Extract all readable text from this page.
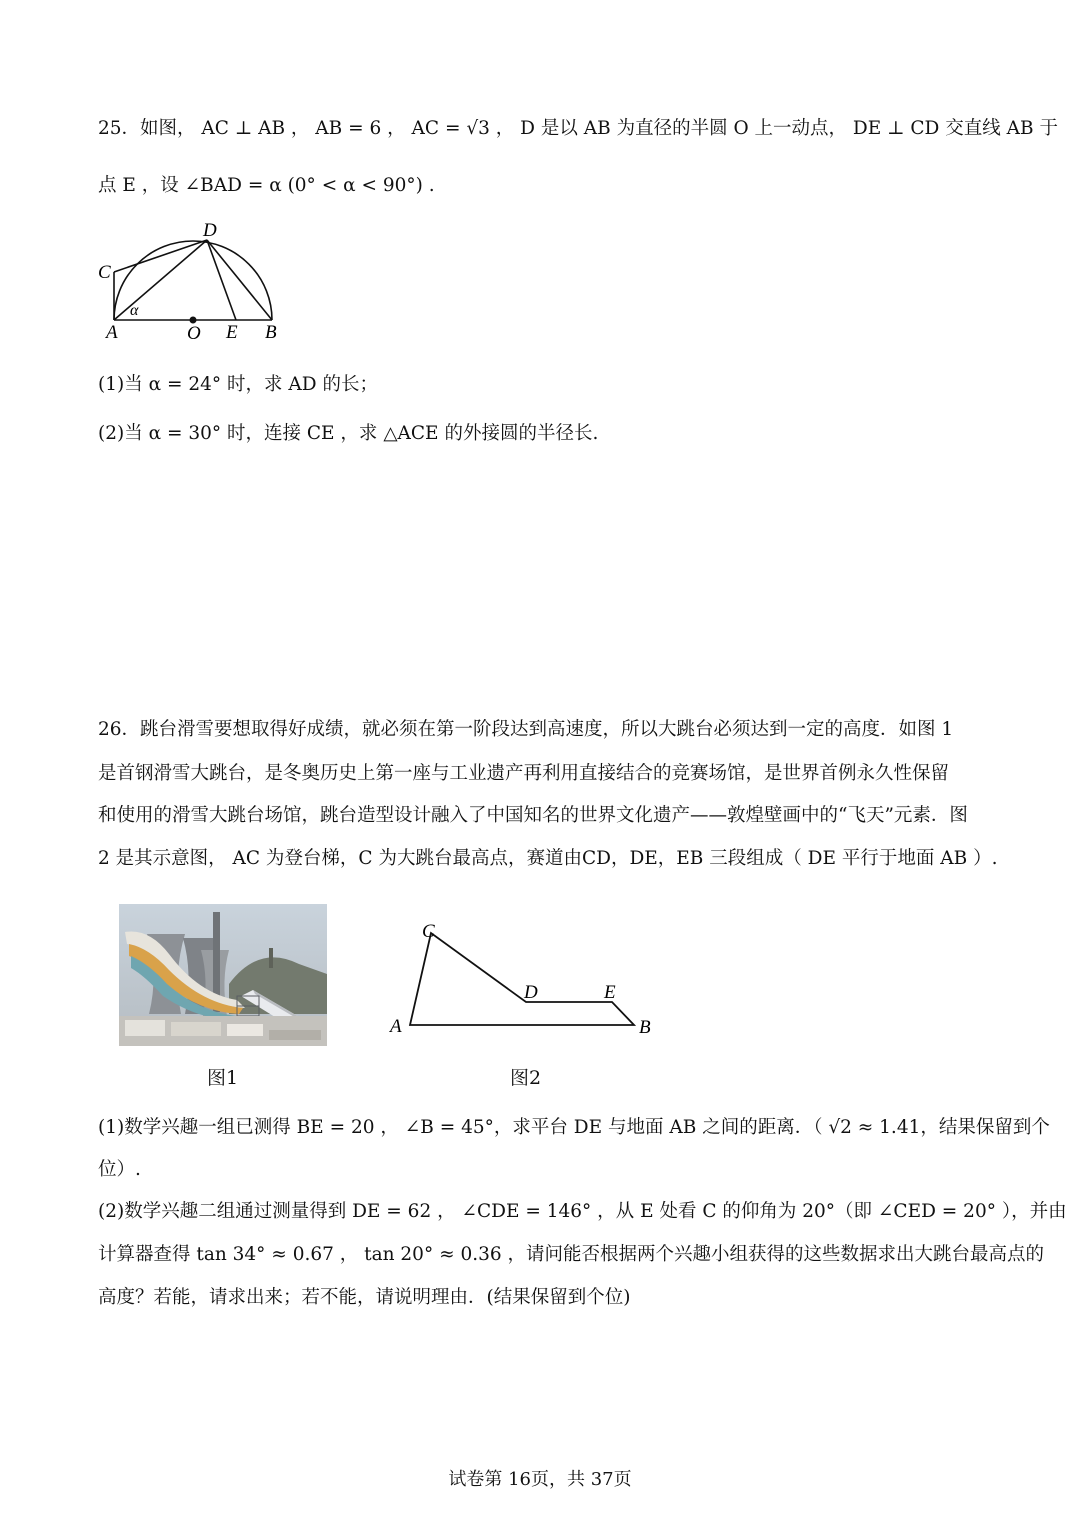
25．如图， AC ⊥ AB ， AB = 6 ， AC = √3 ， D 是以 AB 为直径的半圆 O 上一动点， DE ⊥ CD 交直线 AB 于
点 E ，设 ∠BAD = α (0° < α < 90°) .
C
D
A	O E B
α
(1)当 α = 24° 时，求 AD 的长；
(2)当 α = 30° 时，连接 CE ，求 △ACE 的外接圆的半径长.
26．跳台滑雪要想取得好成绩，就必须在第一阶段达到高速度，所以大跳台必须达到一定的高度．如图 1
是首钢滑雪大跳台，是冬奥历史上第一座与工业遗产再利用直接结合的竞赛场馆，是世界首例永久性保留
和使用的滑雪大跳台场馆，跳台造型设计融入了中国知名的世界文化遗产——敦煌壁画中的“飞天”元素．图
2 是其示意图， AC 为登台梯，C 为大跳台最高点，赛道由CD，DE，EB 三段组成（ DE 平行于地面 AB ）.
图1
C
D	E
A	B
图2
(1)数学兴趣一组已测得 BE = 20 ， ∠B = 45°，求平台 DE 与地面 AB 之间的距离．（ √2 ≈ 1.41，结果保留到个
位）.
(2)数学兴趣二组通过测量得到 DE = 62 ， ∠CDE = 146° ，从 E 处看 C 的仰角为 20°（即 ∠CED = 20° ），并由
计算器查得 tan 34° ≈ 0.67 ， tan 20° ≈ 0.36 ，请问能否根据两个兴趣小组获得的这些数据求出大跳台最高点的
高度？若能，请求出来；若不能，请说明理由．(结果保留到个位)
试卷第 16页，共 37页
